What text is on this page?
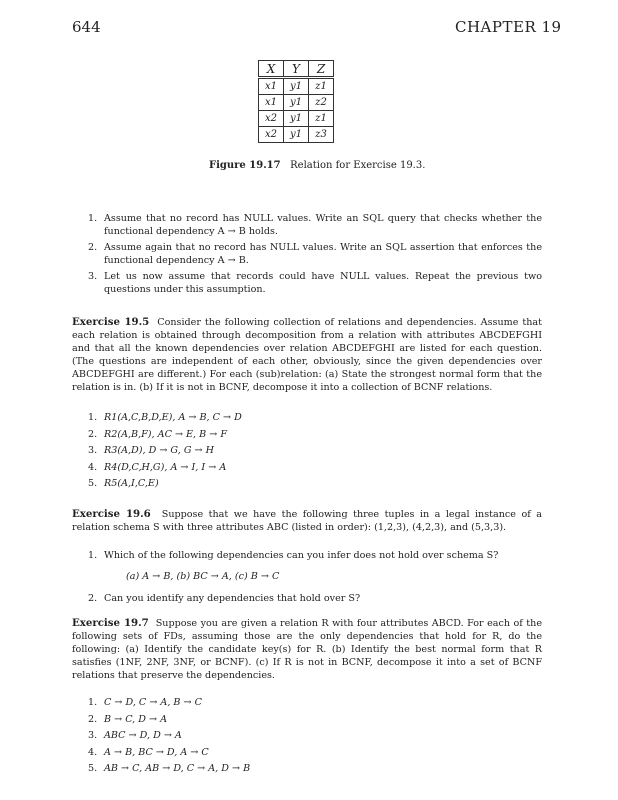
644	CHAPTER 19
X	Y	Z
x1	y1	z1
x1	y1	z2
x2	y1	z1
x2	y1	z3
Figure 19.17 Relation for Exercise 19.3.
1. Assume that no record has NULL values. Write an SQL query that checks whether the functional dependency A → B holds.
2. Assume again that no record has NULL values. Write an SQL assertion that enforces the functional dependency A → B.
3. Let us now assume that records could have NULL values. Repeat the previous two questions under this assumption.

Exercise 19.5 Consider the following collection of relations and dependencies. Assume that each relation is obtained through decomposition from a relation with attributes ABCDEFGHI and that all the known dependencies over relation ABCDEFGHI are listed for each question. (The questions are independent of each other, obviously, since the given dependencies over ABCDEFGHI are different.) For each (sub)relation: (a) State the strongest normal form that the relation is in. (b) If it is not in BCNF, decompose it into a collection of BCNF relations.

1. R1(A,C,B,D,E), A → B, C → D
2. R2(A,B,F), AC → E, B → F
3. R3(A,D), D → G, G → H
4. R4(D,C,H,G), A → I, I → A
5. R5(A,I,C,E)

Exercise 19.6 Suppose that we have the following three tuples in a legal instance of a relation schema S with three attributes ABC (listed in order): (1,2,3), (4,2,3), and (5,3,3).

1. Which of the following dependencies can you infer does not hold over schema S?
(a) A → B, (b) BC → A, (c) B → C
2. Can you identify any dependencies that hold over S?

Exercise 19.7 Suppose you are given a relation R with four attributes ABCD. For each of the following sets of FDs, assuming those are the only dependencies that hold for R, do the following: (a) Identify the candidate key(s) for R. (b) Identify the best normal form that R satisfies (1NF, 2NF, 3NF, or BCNF). (c) If R is not in BCNF, decompose it into a set of BCNF relations that preserve the dependencies.

1. C → D, C → A, B → C
2. B → C, D → A
3. ABC → D, D → A
4. A → B, BC → D, A → C
5. AB → C, AB → D, C → A, D → B
